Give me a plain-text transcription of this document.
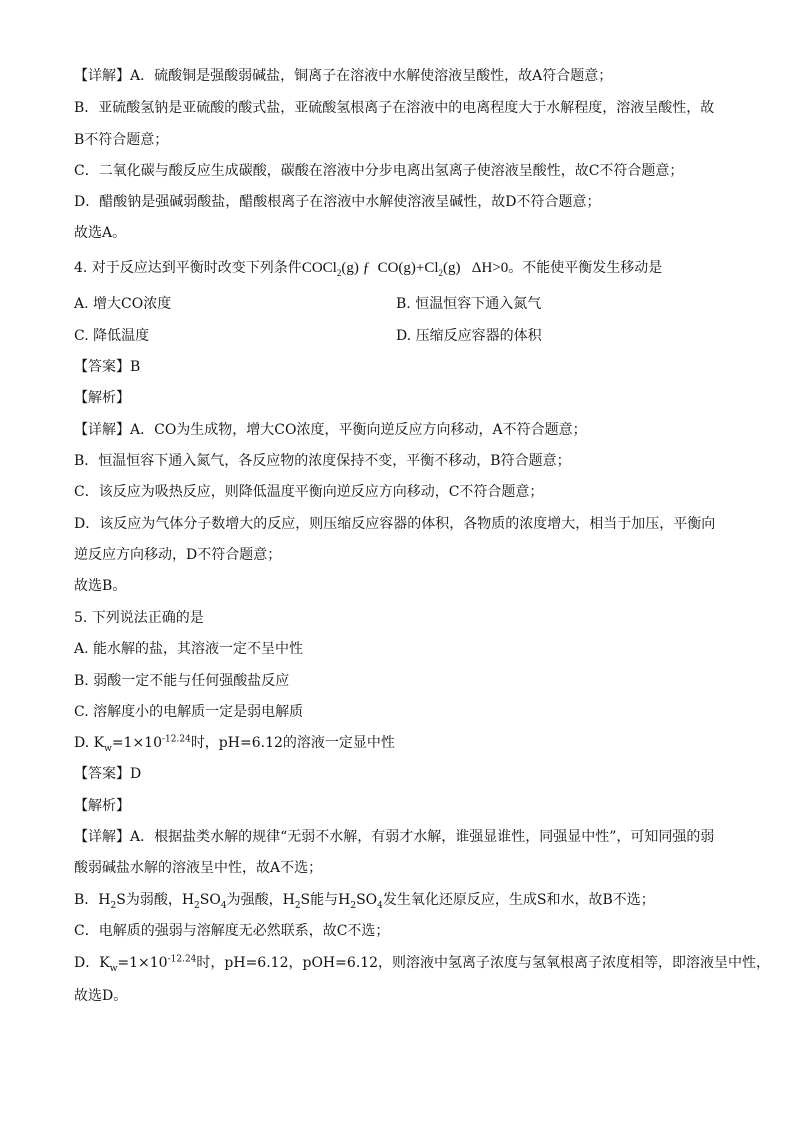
【详解】A．硫酸铜是强酸弱碱盐，铜离子在溶液中水解使溶液呈酸性，故A符合题意；
B．亚硫酸氢钠是亚硫酸的酸式盐，亚硫酸氢根离子在溶液中的电离程度大于水解程度，溶液呈酸性，故
B不符合题意；
C．二氧化碳与酸反应生成碳酸，碳酸在溶液中分步电离出氢离子使溶液呈酸性，故C不符合题意；
D．醋酸钠是强碱弱酸盐，醋酸根离子在溶液中水解使溶液呈碱性，故D不符合题意；
故选A。
4. 对于反应达到平衡时改变下列条件COCl$_2$(g) ƒ $CO(g)+Cl_2(g)$ ΔH>0。不能使平衡发生移动是
A. 增大CO浓度	B. 恒温恒容下通入氮气
C. 降低温度	D. 压缩反应容器的体积
【答案】B
【解析】
【详解】A．CO为生成物，增大CO浓度，平衡向逆反应方向移动，A不符合题意；
B．恒温恒容下通入氮气，各反应物的浓度保持不变，平衡不移动，B符合题意；
C．该反应为吸热反应，则降低温度平衡向逆反应方向移动，C不符合题意；
D．该反应为气体分子数增大的反应，则压缩反应容器的体积，各物质的浓度增大，相当于加压，平衡向
逆反应方向移动，D不符合题意；
故选B。
5. 下列说法正确的是
A. 能水解的盐，其溶液一定不呈中性
B. 弱酸一定不能与任何强酸盐反应
C. 溶解度小的电解质一定是弱电解质
D. $K_w=1\times 10^{-12.24}$时，pH=6.12的溶液一定显中性
【答案】D
【解析】
【详解】A．根据盐类水解的规律“无弱不水解，有弱才水解，谁强显谁性，同强显中性”，可知同强的弱
酸弱碱盐水解的溶液呈中性，故A不选；
B．$H_2S$为弱酸，$H_2SO_4$为强酸，$H_2S$能与$H_2SO_4$发生氧化还原反应，生成S和水，故B不选；
C．电解质的强弱与溶解度无必然联系，故C不选；
D．$K_w=1\times 10^{-12.24}$时，pH=6.12，pOH=6.12，则溶液中氢离子浓度与氢氧根离子浓度相等，即溶液呈中性，
故选D。
